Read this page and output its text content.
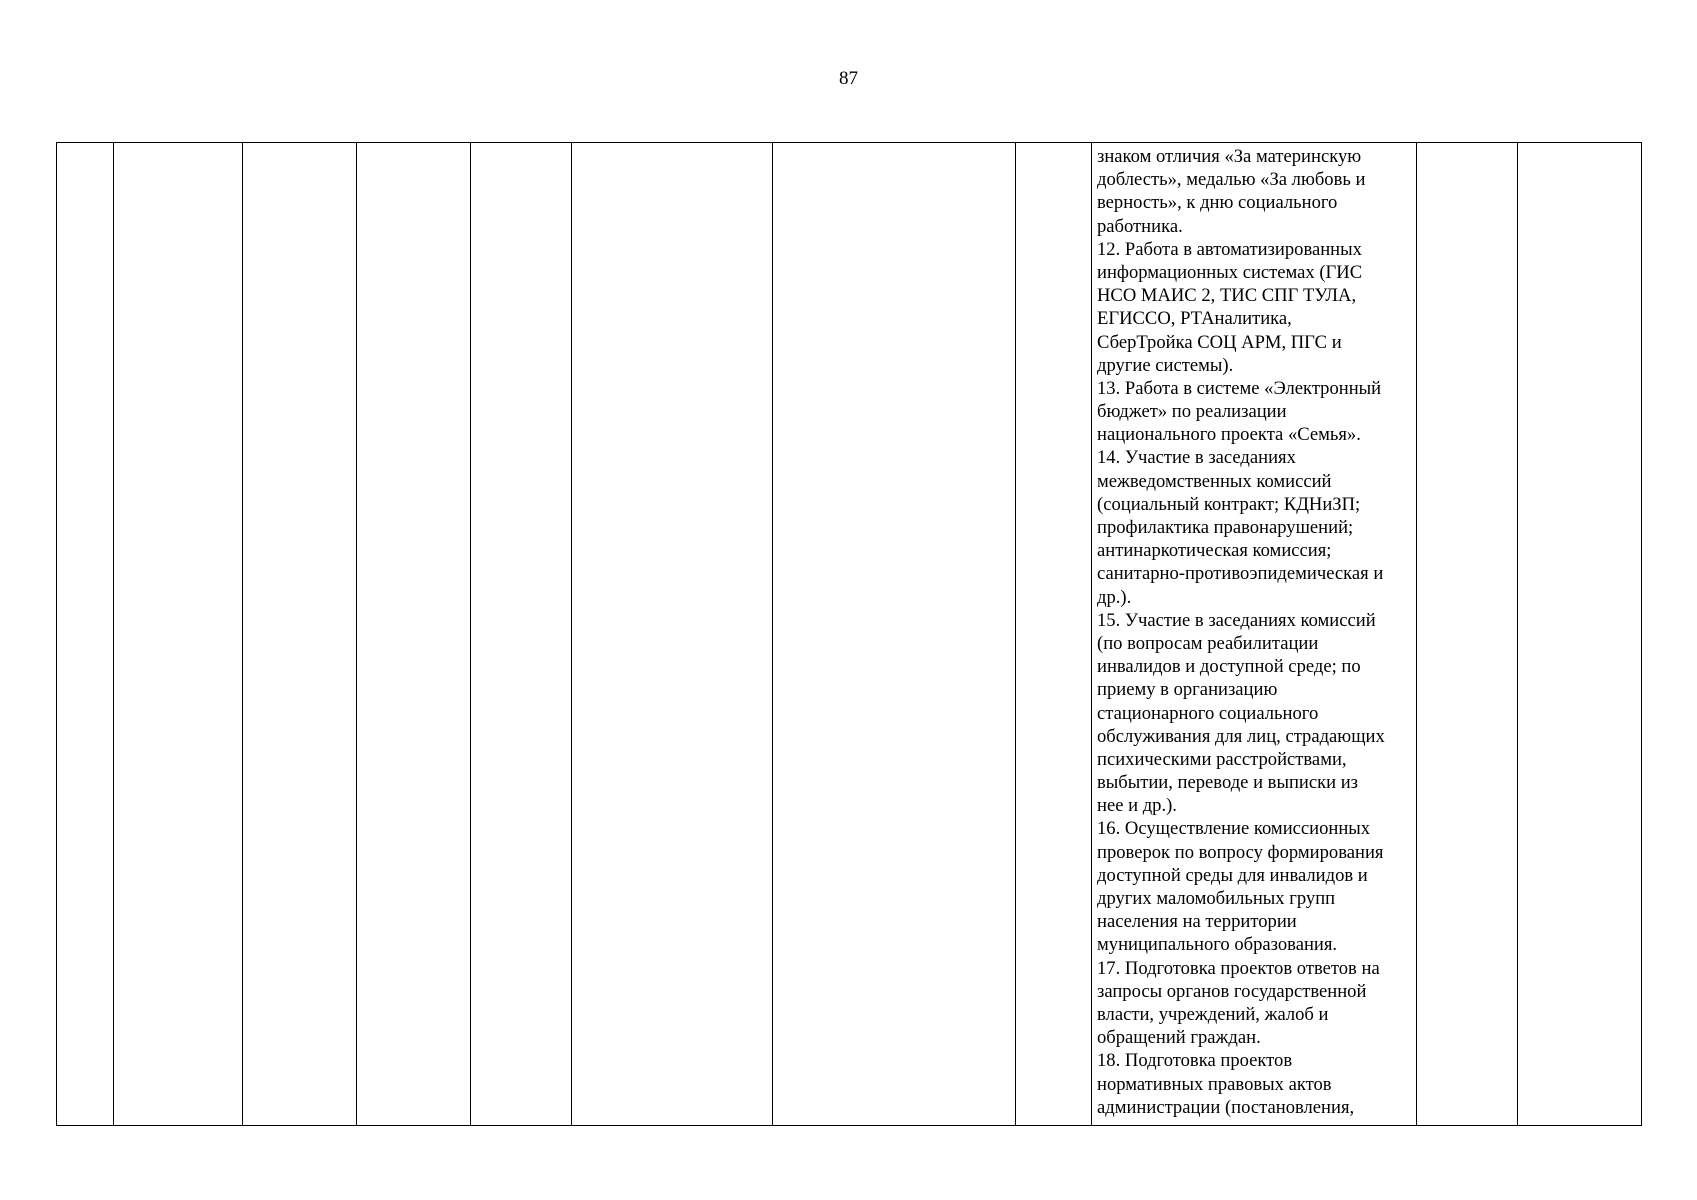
87
знаком отличия «За материнскую
доблесть», медалью «За любовь и
верность», к дню социального
работника.
12. Работа в автоматизированных
информационных системах (ГИС
НСО МАИС 2, ТИС СПГ ТУЛА,
ЕГИССО, РТАналитика,
СберТройка СОЦ АРМ, ПГС и
другие системы).
13. Работа в системе «Электронный
бюджет» по реализации
национального проекта «Семья».
14. Участие в заседаниях
межведомственных комиссий
(социальный контракт; КДНиЗП;
профилактика правонарушений;
антинаркотическая комиссия;
санитарно-противоэпидемическая и
др.).
15. Участие в заседаниях комиссий
(по вопросам реабилитации
инвалидов и доступной среде; по
приему в организацию
стационарного социального
обслуживания для лиц, страдающих
психическими расстройствами,
выбытии, переводе и выписки из
нее и др.).
16. Осуществление комиссионных
проверок по вопросу формирования
доступной среды для инвалидов и
других маломобильных групп
населения на территории
муниципального образования.
17. Подготовка проектов ответов на
запросы органов государственной
власти, учреждений, жалоб и
обращений граждан.
18. Подготовка проектов
нормативных правовых актов
администрации (постановления,
